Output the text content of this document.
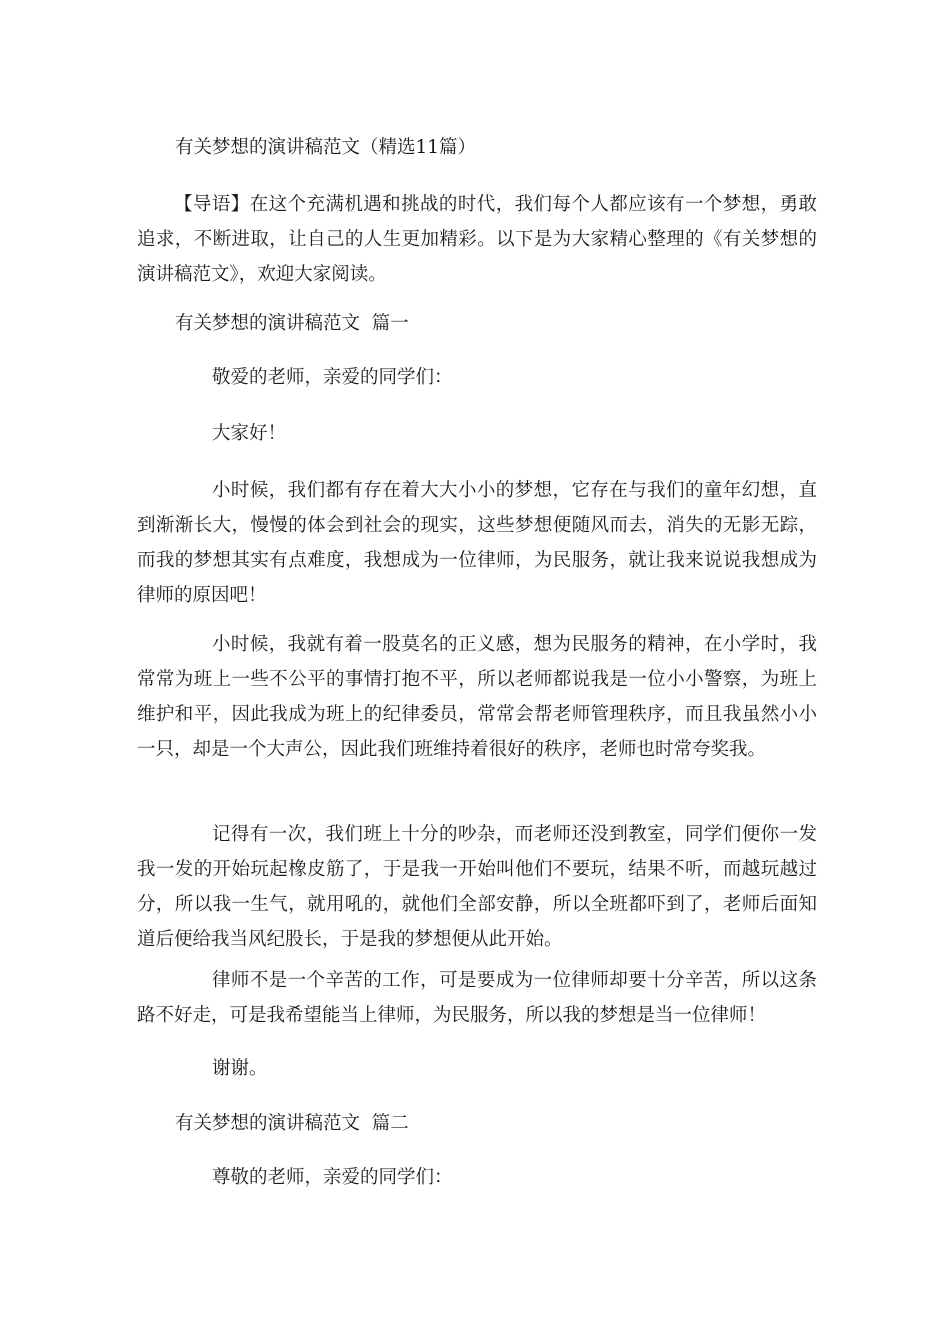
有关梦想的演讲稿范文（精选11篇）

【导语】在这个充满机遇和挑战的时代，我们每个人都应该有一个梦想，勇敢追求，不断进取，让自己的人生更加精彩。以下是为大家精心整理的《有关梦想的演讲稿范文》，欢迎大家阅读。

有关梦想的演讲稿范文  篇一

敬爱的老师，亲爱的同学们：

大家好！

小时候，我们都有存在着大大小小的梦想，它存在与我们的童年幻想，直到渐渐长大，慢慢的体会到社会的现实，这些梦想便随风而去，消失的无影无踪，而我的梦想其实有点难度，我想成为一位律师，为民服务，就让我来说说我想成为律师的原因吧！

小时候，我就有着一股莫名的正义感，想为民服务的精神，在小学时，我常常为班上一些不公平的事情打抱不平，所以老师都说我是一位小小警察，为班上维护和平，因此我成为班上的纪律委员，常常会帮老师管理秩序，而且我虽然小小一只，却是一个大声公，因此我们班维持着很好的秩序，老师也时常夸奖我。

记得有一次，我们班上十分的吵杂，而老师还没到教室，同学们便你一发我一发的开始玩起橡皮筋了，于是我一开始叫他们不要玩，结果不听，而越玩越过分，所以我一生气，就用吼的，就他们全部安静，所以全班都吓到了，老师后面知道后便给我当风纪股长，于是我的梦想便从此开始。

律师不是一个辛苦的工作，可是要成为一位律师却要十分辛苦，所以这条路不好走，可是我希望能当上律师，为民服务，所以我的梦想是当一位律师！

谢谢。

有关梦想的演讲稿范文  篇二

尊敬的老师，亲爱的同学们：
